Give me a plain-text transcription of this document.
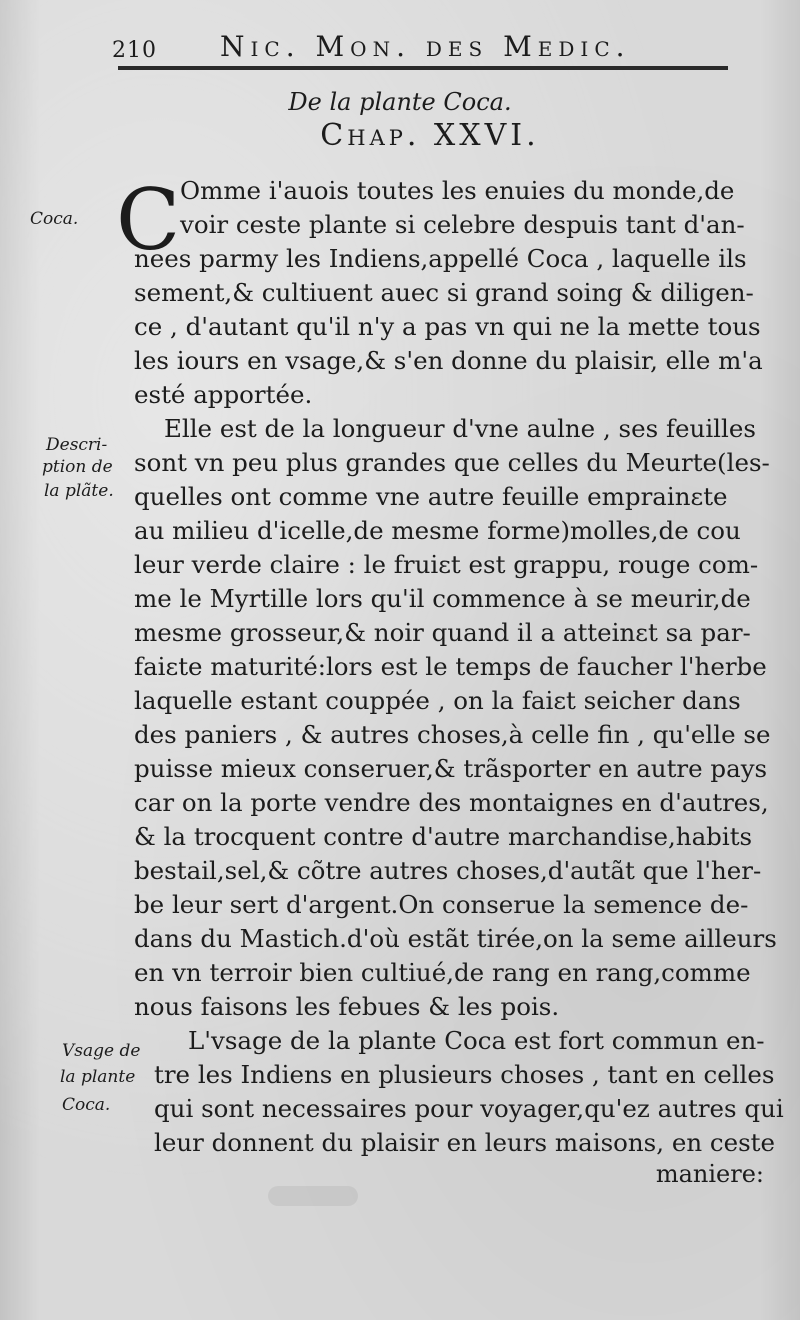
210 Nic. Mon. des Medic.
De la plante Coca.
Chap. XXVI.
Coca.
Descri-
ption de
la plãte.
Vsage de
la plante
Coca.
C Omme i'auois toutes les enuies du monde,de
voir ceste plante si celebre despuis tant d'an-
nees parmy les Indiens,appellé Coca , laquelle ils
sement,& cultiuent auec si grand soing & diligen-
ce , d'autant qu'il n'y a pas vn qui ne la mette tous
les iours en vsage,& s'en donne du plaisir, elle m'a
esté apportée.
Elle est de la longueur d'vne aulne , ses feuilles
sont vn peu plus grandes que celles du Meurte(les-
quelles ont comme vne autre feuille emprainɛte
au milieu d'icelle,de mesme forme)molles,de cou
leur verde claire : le fruiɛt est grappu, rouge com-
me le Myrtille lors qu'il commence à se meurir,de
mesme grosseur,& noir quand il a atteinɛt sa par-
faiɛte maturité:lors est le temps de faucher l'herbe
laquelle estant couppée , on la faiɛt seicher dans
des paniers , & autres choses,à celle fin , qu'elle se
puisse mieux conseruer,& trãsporter en autre pays
car on la porte vendre des montaignes en d'autres,
& la trocquent contre d'autre marchandise,habits
bestail,sel,& cõtre autres choses,d'autãt que l'her-
be leur sert d'argent.On conserue la semence de-
dans du Mastich.d'où estãt tirée,on la seme ailleurs
en vn terroir bien cultiué,de rang en rang,comme
nous faisons les febues & les pois.
L'vsage de la plante Coca est fort commun en-
tre les Indiens en plusieurs choses , tant en celles
qui sont necessaires pour voyager,qu'ez autres qui
leur donnent du plaisir en leurs maisons, en ceste
maniere:
